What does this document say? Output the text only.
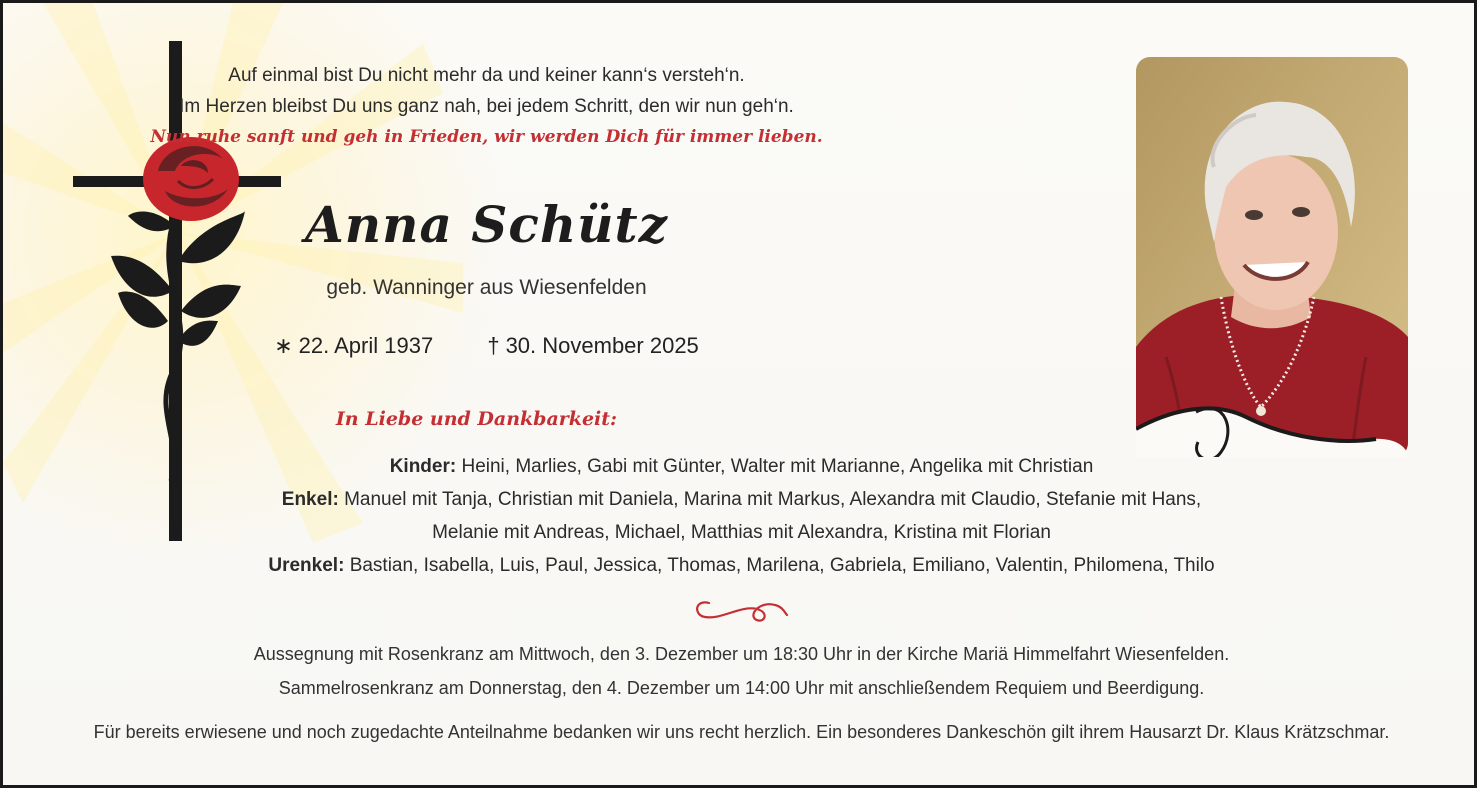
Auf einmal bist Du nicht mehr da und keiner kann‘s versteh‘n.
Im Herzen bleibst Du uns ganz nah, bei jedem Schritt, den wir nun geh‘n.
Nun ruhe sanft und geh in Frieden, wir werden Dich für immer lieben.
Anna Schütz
geb. Wanninger aus Wiesenfelden
∗ 22. April 1937 † 30. November 2025
In Liebe und Dankbarkeit:
Kinder: Heini, Marlies, Gabi mit Günter, Walter mit Marianne, Angelika mit Christian
Enkel: Manuel mit Tanja, Christian mit Daniela, Marina mit Markus, Alexandra mit Claudio, Stefanie mit Hans,
Melanie mit Andreas, Michael, Matthias mit Alexandra, Kristina mit Florian
Urenkel: Bastian, Isabella, Luis, Paul, Jessica, Thomas, Marilena, Gabriela, Emiliano, Valentin, Philomena, Thilo
Aussegnung mit Rosenkranz am Mittwoch, den 3. Dezember um 18:30 Uhr in der Kirche Mariä Himmelfahrt Wiesenfelden.
Sammelrosenkranz am Donnerstag, den 4. Dezember um 14:00 Uhr mit anschließendem Requiem und Beerdigung.
Für bereits erwiesene und noch zugedachte Anteilnahme bedanken wir uns recht herzlich. Ein besonderes Dankeschön gilt ihrem Hausarzt Dr. Klaus Krätzschmar.
